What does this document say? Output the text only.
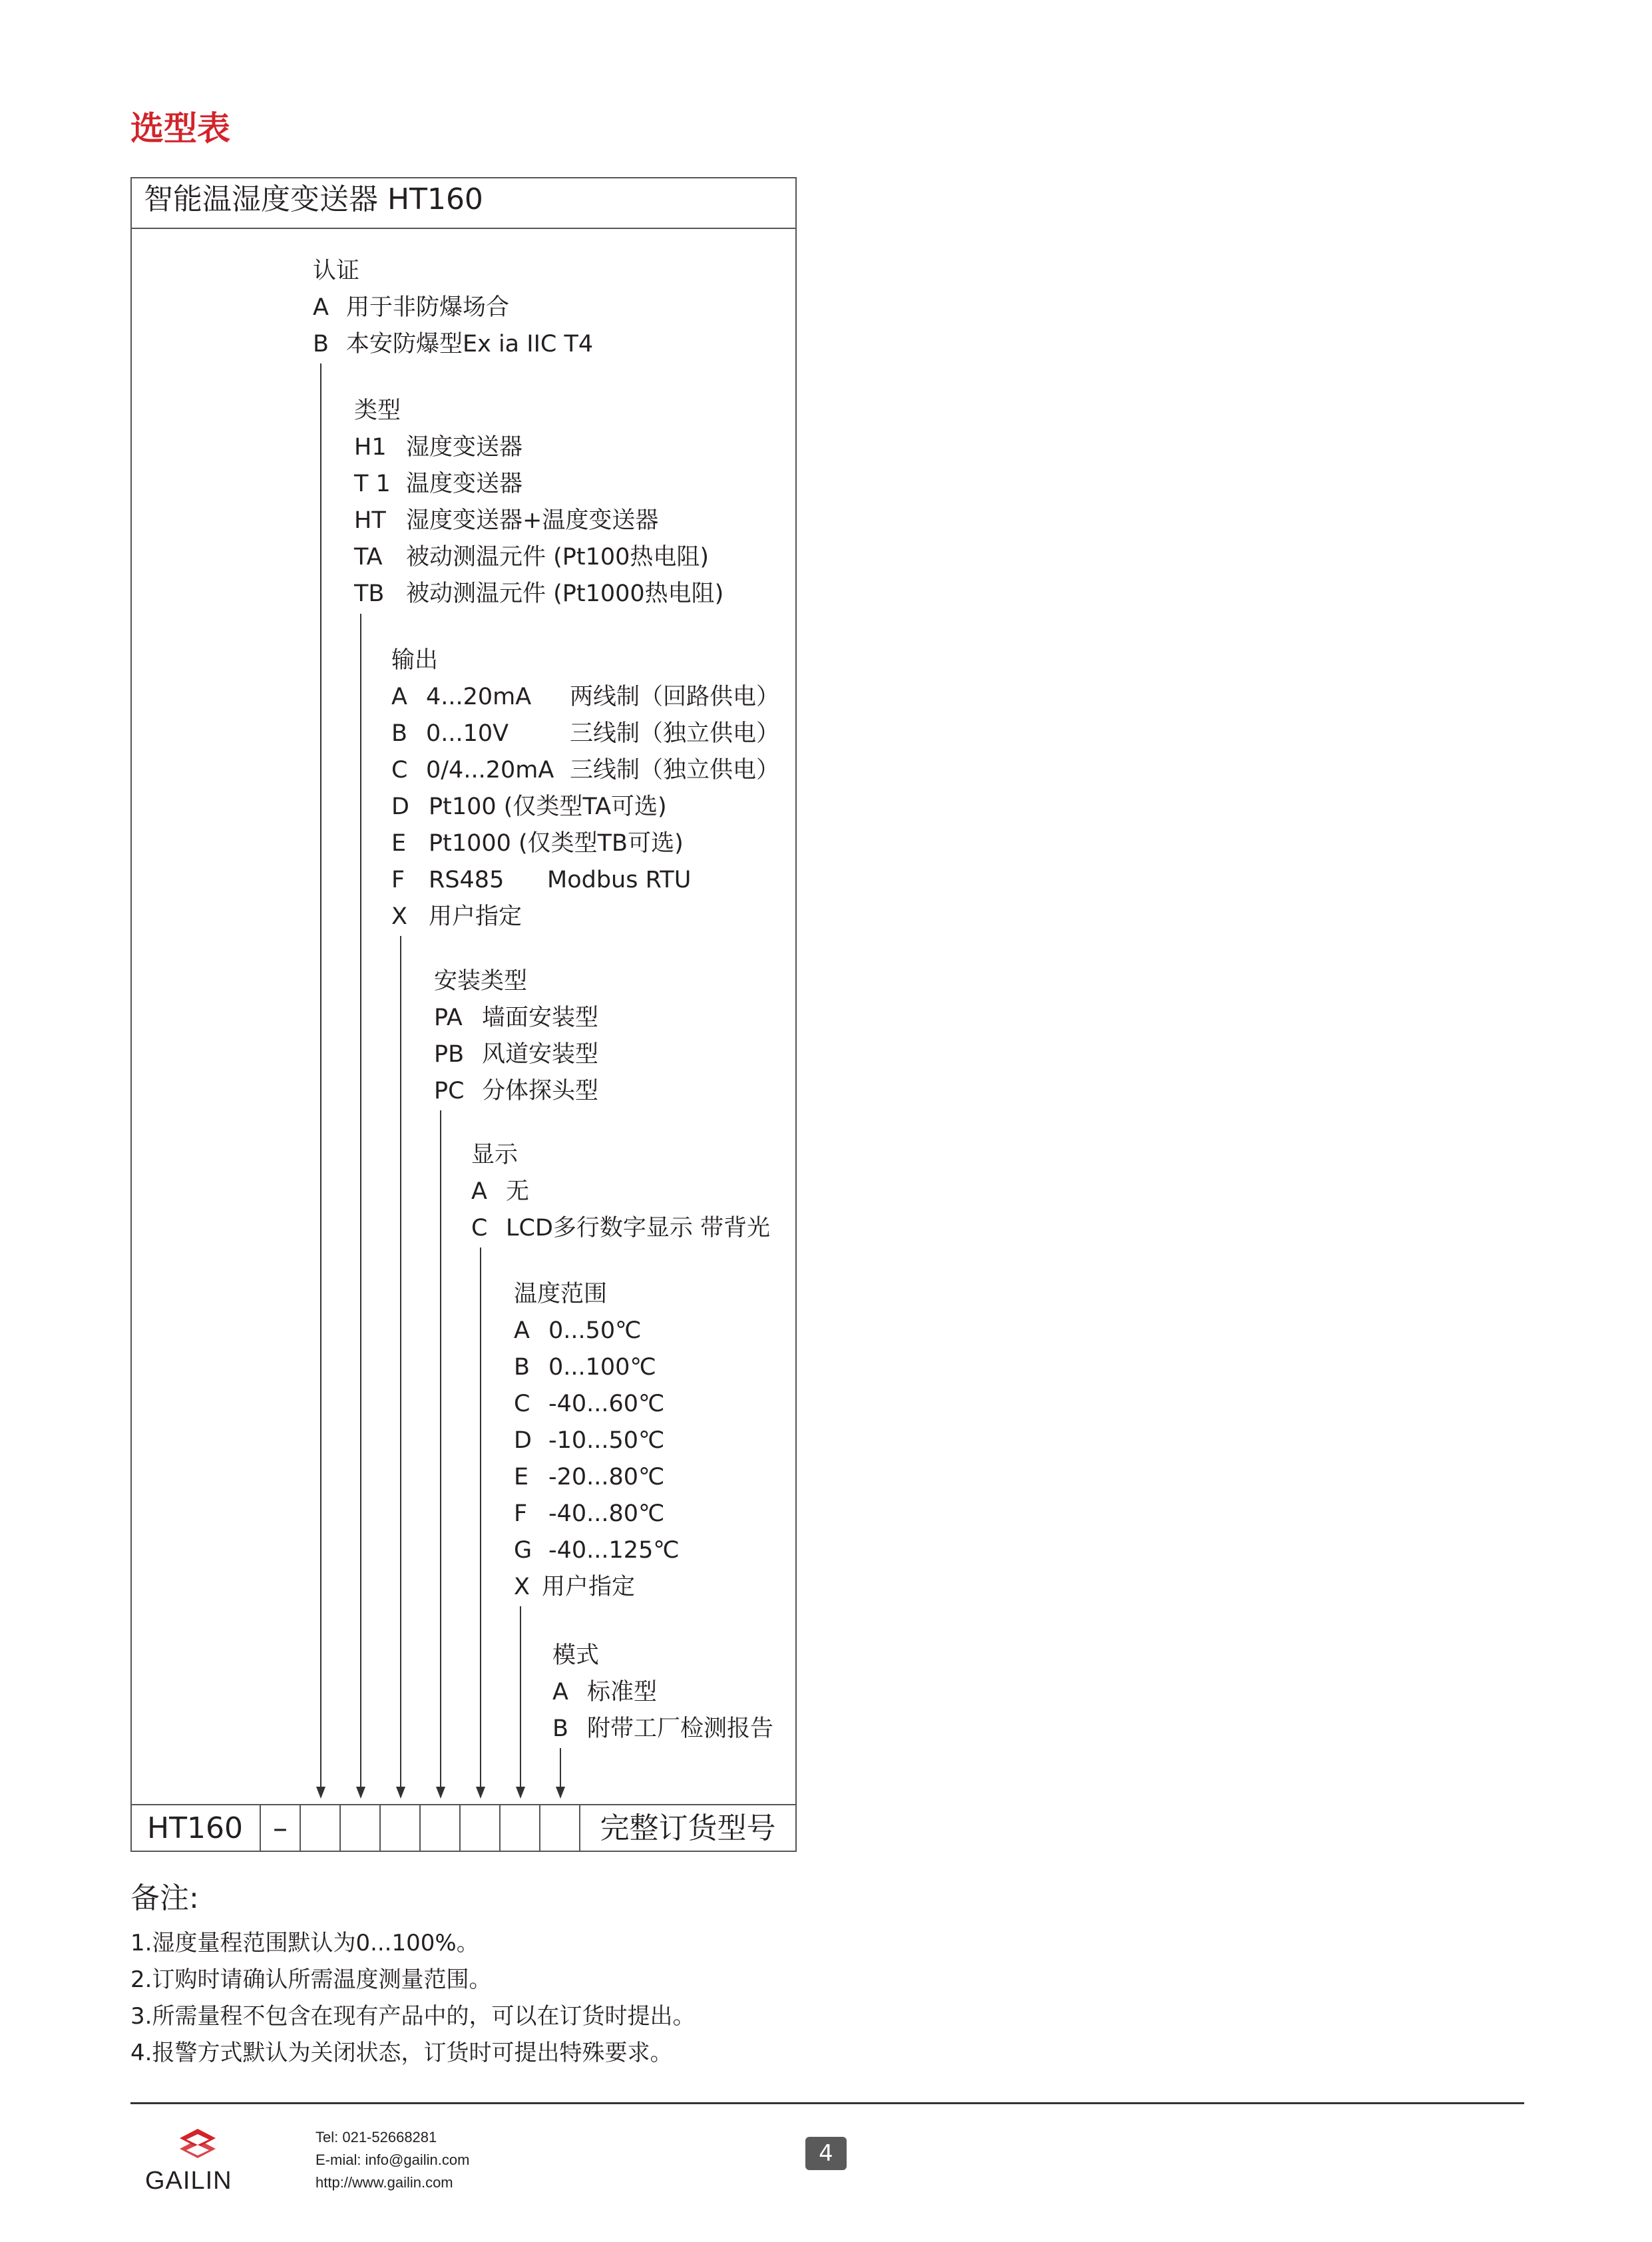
选型表
智能温湿度变送器 HT160
认证
A 用于非防爆场合
B 本安防爆型Ex ia IIC T4
类型
H1 湿度变送器
T 1 温度变送器
HT 湿度变送器+温度变送器
TA 被动测温元件 (Pt100热电阻)
TB 被动测温元件 (Pt1000热电阻)
输出
A 4...20mA 两线制（回路供电）
B 0...10V	三线制（独立供电）
C 0/4...20mA 三线制（独立供电）
D Pt100 (仅类型TA可选)
E Pt1000 (仅类型TB可选)
F RS485 Modbus RTU
X 用户指定
安装类型
PA 墙面安装型
PB 风道安装型
PC 分体探头型
显示
A 无
C LCD多行数字显示 带背光
温度范围
A 0...50℃
B 0...100℃
C -40...60℃
D -10...50℃
E -20...80℃
F -40...80℃
G -40...125℃
X 用户指定
模式
A 标准型
B 附带工厂检测报告
HT160	–	完整订货型号
备注:
1.湿度量程范围默认为0...100%。
2.订购时请确认所需温度测量范围。
3.所需量程不包含在现有产品中的，可以在订货时提出。
4.报警方式默认为关闭状态，订货时可提出特殊要求。
GAILIN
Tel: 021-52668281
E-mial: info@gailin.com
http://www.gailin.com
4
